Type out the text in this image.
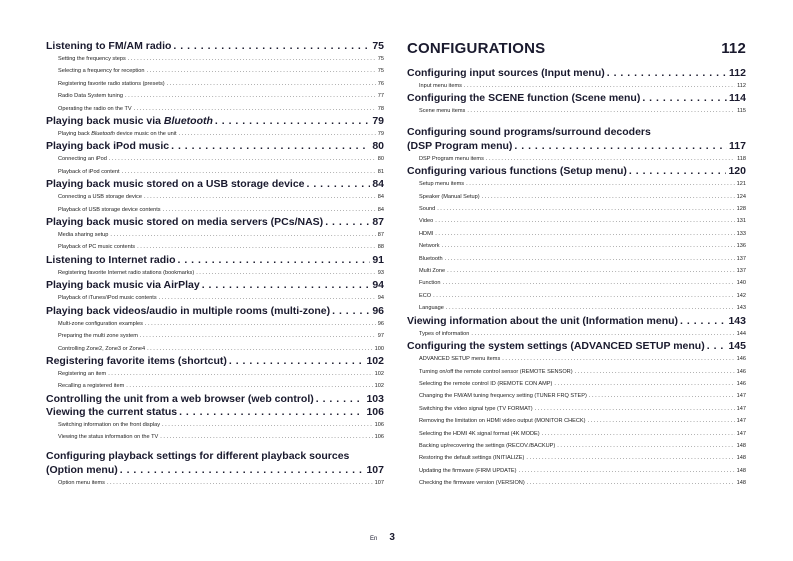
Listening to FM/AM radio . . .	75
Setting the frequency steps . . .	75
Selecting a frequency for reception . . .	75
Registering favorite radio stations (presets) . . .	76
Radio Data System tuning . . .	77
Operating the radio on the TV . . .	78
Playing back music via Bluetooth . . .	79
Playing back Bluetooth device music on the unit . . .	79
Playing back iPod music . . .	80
Connecting an iPod . . .	80
Playback of iPod content . . .	81
Playing back music stored on a USB storage device . . .	84
Connecting a USB storage device . . .	84
Playback of USB storage device contents . . .	84
Playing back music stored on media servers (PCs/NAS) . . .	87
Media sharing setup . . .	87
Playback of PC music contents . . .	88
Listening to Internet radio . . .	91
Registering favorite Internet radio stations (bookmarks) . . .	93
Playing back music via AirPlay . . .	94
Playback of iTunes/iPod music contents . . .	94
Playing back videos/audio in multiple rooms (multi-zone) . . .	96
Multi-zone configuration examples . . .	96
Preparing the multi zone system . . .	97
Controlling Zone2, Zone3 or Zone4 . . .	100
Registering favorite items (shortcut) . . .	102
Registering an item . . .	102
Recalling a registered item . . .	102
Controlling the unit from a web browser (web control) . . .	103
Viewing the current status . . .	106
Switching information on the front display . . .	106
Viewing the status information on the TV . . .	106
Configuring playback settings for different playback sources
(Option menu) . . .	107
Option menu items . . .	107
CONFIGURATIONS	112
Configuring input sources (Input menu) . . .	112
Input menu items . . .	112
Configuring the SCENE function (Scene menu) . . .	114
Scene menu items . . .	115
Configuring sound programs/surround decoders
(DSP Program menu) . . .	117
DSP Program menu items . . .	118
Configuring various functions (Setup menu) . . .	120
Setup menu items . . .	121
Speaker (Manual Setup) . . .	124
Sound . . .	128
Video . . .	131
HDMI . . .	133
Network . . .	136
Bluetooth . . .	137
Multi Zone . . .	137
Function . . .	140
ECO . . .	142
Language . . .	143
Viewing information about the unit (Information menu) . . .	143
Types of information . . .	144
Configuring the system settings (ADVANCED SETUP menu) . . . 145
ADVANCED SETUP menu items . . .	146
Turning on/off the remote control sensor (REMOTE SENSOR) . . .	146
Selecting the remote control ID (REMOTE CON AMP) . . .	146
Changing the FM/AM tuning frequency setting (TUNER FRQ STEP) . . .	147
Switching the video signal type (TV FORMAT) . . .	147
Removing the limitation on HDMI video output (MONITOR CHECK) . . .	147
Selecting the HDMI 4K signal format (4K MODE) . . .	147
Backing up/recovering the settings (RECOV./BACKUP) . . .	148
Restoring the default settings (INITIALIZE) . . .	148
Updating the firmware (FIRM UPDATE) . . .	148
Checking the firmware version (VERSION) . . .	148
En 3
